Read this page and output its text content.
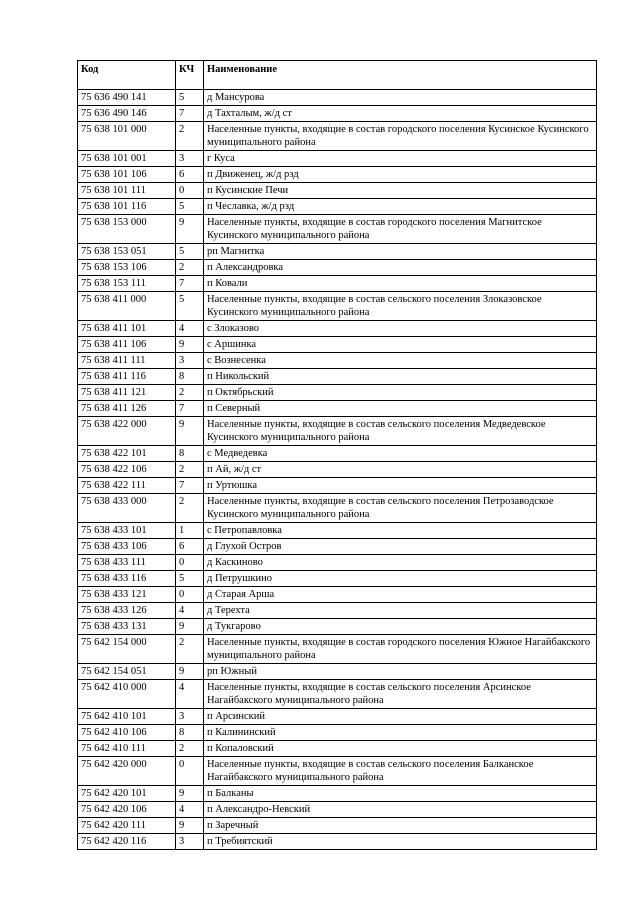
Код	КЧ	Наименование
75 636 490 141	5	д Мансурова
75 636 490 146	7	д Тахталым, ж/д ст
75 638 101 000	2	Населенные пункты, входящие в состав городского поселения Кусинское Кусинского муниципального района
75 638 101 001	3	г Куса
75 638 101 106	6	п Движенец, ж/д рзд
75 638 101 111	0	п Кусинские Печи
75 638 101 116	5	п Чеславка, ж/д рзд
75 638 153 000	9	Населенные пункты, входящие в состав городского поселения Магнитское Кусинского муниципального района
75 638 153 051	5	рп Магнитка
75 638 153 106	2	п Александровка
75 638 153 111	7	п Ковали
75 638 411 000	5	Населенные пункты, входящие в состав сельского поселения Злоказовское Кусинского муниципального района
75 638 411 101	4	с Злоказово
75 638 411 106	9	с Аршинка
75 638 411 111	3	с Вознесенка
75 638 411 116	8	п Никольский
75 638 411 121	2	п Октябрьский
75 638 411 126	7	п Северный
75 638 422 000	9	Населенные пункты, входящие в состав сельского поселения Медведевское Кусинского муниципального района
75 638 422 101	8	с Медведевка
75 638 422 106	2	п Ай, ж/д ст
75 638 422 111	7	п Уртюшка
75 638 433 000	2	Населенные пункты, входящие в состав сельского поселения Петрозаводское Кусинского муниципального района
75 638 433 101	1	с Петропавловка
75 638 433 106	6	д Глухой Остров
75 638 433 111	0	д Каскиново
75 638 433 116	5	д Петрушкино
75 638 433 121	0	д Старая Арша
75 638 433 126	4	д Терехта
75 638 433 131	9	д Тукгарово
75 642 154 000	2	Населенные пункты, входящие в состав городского поселения Южное Нагайбакского муниципального района
75 642 154 051	9	рп Южный
75 642 410 000	4	Населенные пункты, входящие в состав сельского поселения Арсинское Нагайбакского муниципального района
75 642 410 101	3	п Арсинский
75 642 410 106	8	п Калининский
75 642 410 111	2	п Копаловский
75 642 420 000	0	Населенные пункты, входящие в состав сельского поселения Балканское Нагайбакского муниципального района
75 642 420 101	9	п Балканы
75 642 420 106	4	п Александро-Невский
75 642 420 111	9	п Заречный
75 642 420 116	3	п Требиятский
